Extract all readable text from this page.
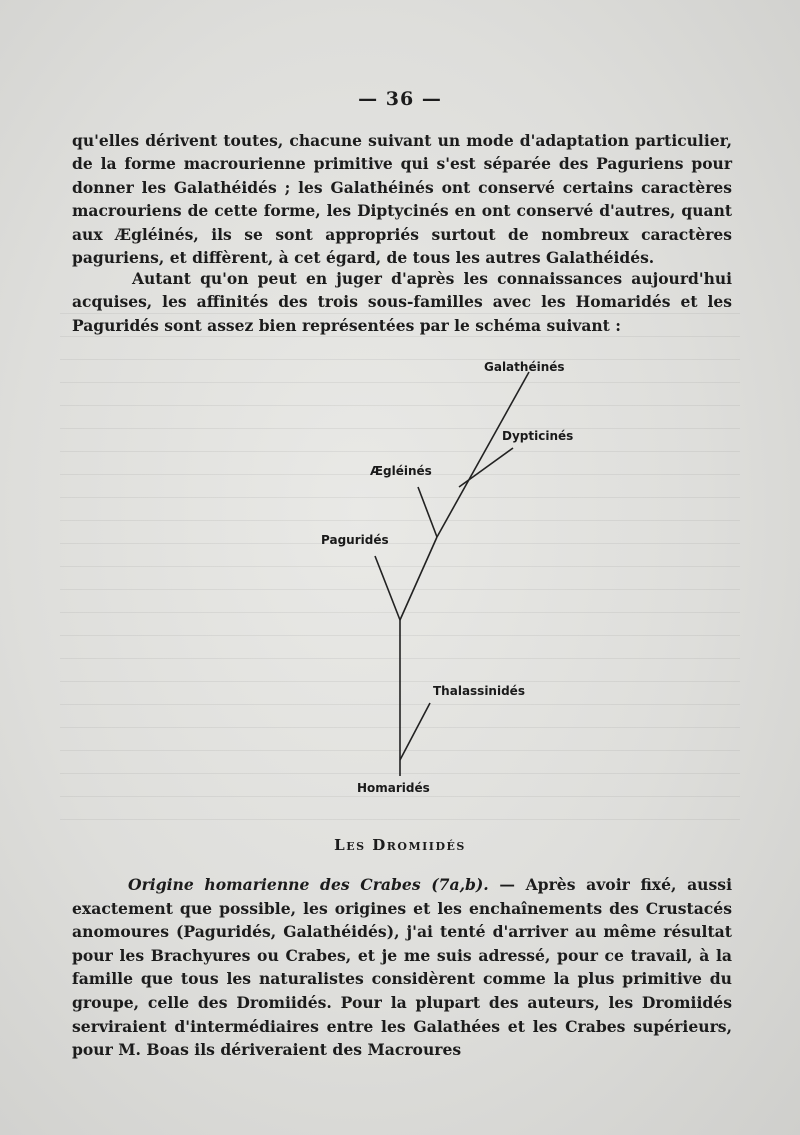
— 36 —

qu'elles dérivent toutes, chacune suivant un mode d'adaptation particulier, de la forme macrourienne primitive qui s'est séparée des Paguriens pour donner les Galathéidés ; les Galathéinés ont conservé certains caractères macrouriens de cette forme, les Diptycinés en ont conservé d'autres, quant aux Ægléinés, ils se sont appropriés surtout de nombreux caractères paguriens, et diffèrent, à cet égard, de tous les autres Galathéidés.

Autant qu'on peut en juger d'après les connaissances aujourd'hui acquises, les affinités des trois sous-familles avec les Homaridés et les Paguridés sont assez bien représentées par le schéma suivant :

Galathéinés
Dypticinés
Ægléinés
Paguridés
Thalassinidés
Homaridés
Les Dromiidés

Origine homarienne des Crabes (7a,b). — Après avoir fixé, aussi exactement que possible, les origines et les enchaînements des Crustacés anomoures (Paguridés, Galathéidés), j'ai tenté d'arriver au même résultat pour les Brachyures ou Crabes, et je me suis adressé, pour ce travail, à la famille que tous les naturalistes considèrent comme la plus primitive du groupe, celle des Dromiidés. Pour la plupart des auteurs, les Dromiidés serviraient d'intermédiaires entre les Galathées et les Crabes supérieurs, pour M. Boas ils dériveraient des Macroures
